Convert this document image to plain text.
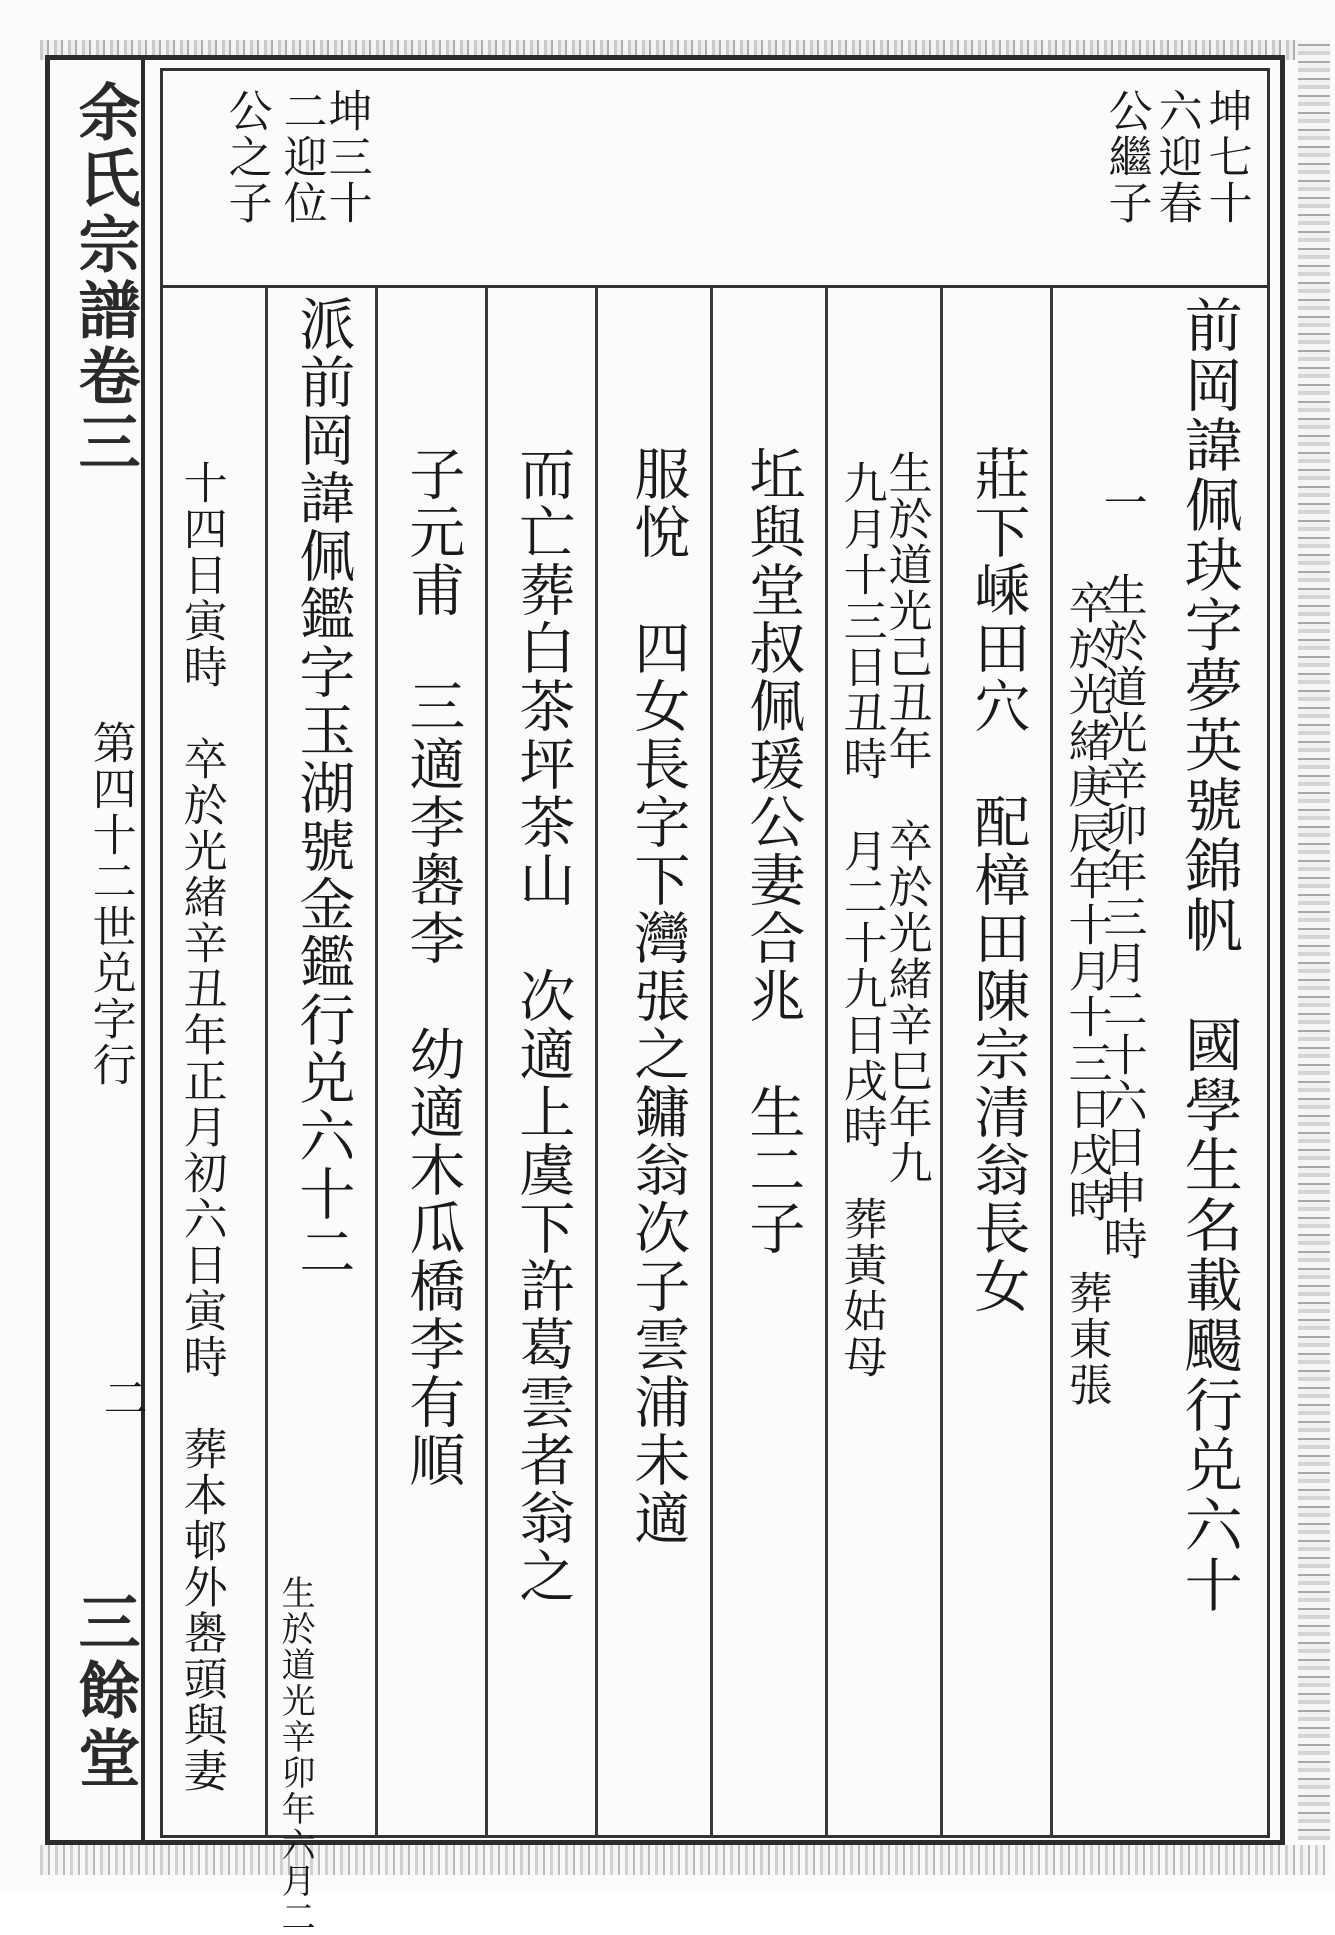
余氏宗譜卷三
第四十二世兑字行
二
三餘堂
坤七十
六迎春
公繼子
坤三十
二迎位
公之子
前岡諱佩玦字夢英號錦帆　國學生名載颺行兑六十
一　生於道光辛卯年三月二十六日申時
卒於光緒庚辰年十月十三日戌時　葬東張
莊下嵊田穴　配樟田陳宗清翁長女
生於道光己丑年　卒於光緒辛巳年九
九月十三日丑時　月二十九日戌時　葬黃姑母
坵與堂叔佩瑗公妻合兆　生二子
服悅　四女長字下灣張之鏞翁次子雲浦未適
而亡葬白茶坪茶山　次適上虞下許葛雲者翁之
子元甫　三適李嶴李　幼適木瓜橋李有順
派前岡諱佩鑑字玉湖號金鑑行兑六十二
生於道光辛卯年六月二
十四日寅時　卒於光緒辛丑年正月初六日寅時　葬本邨外嶴頭與妻
